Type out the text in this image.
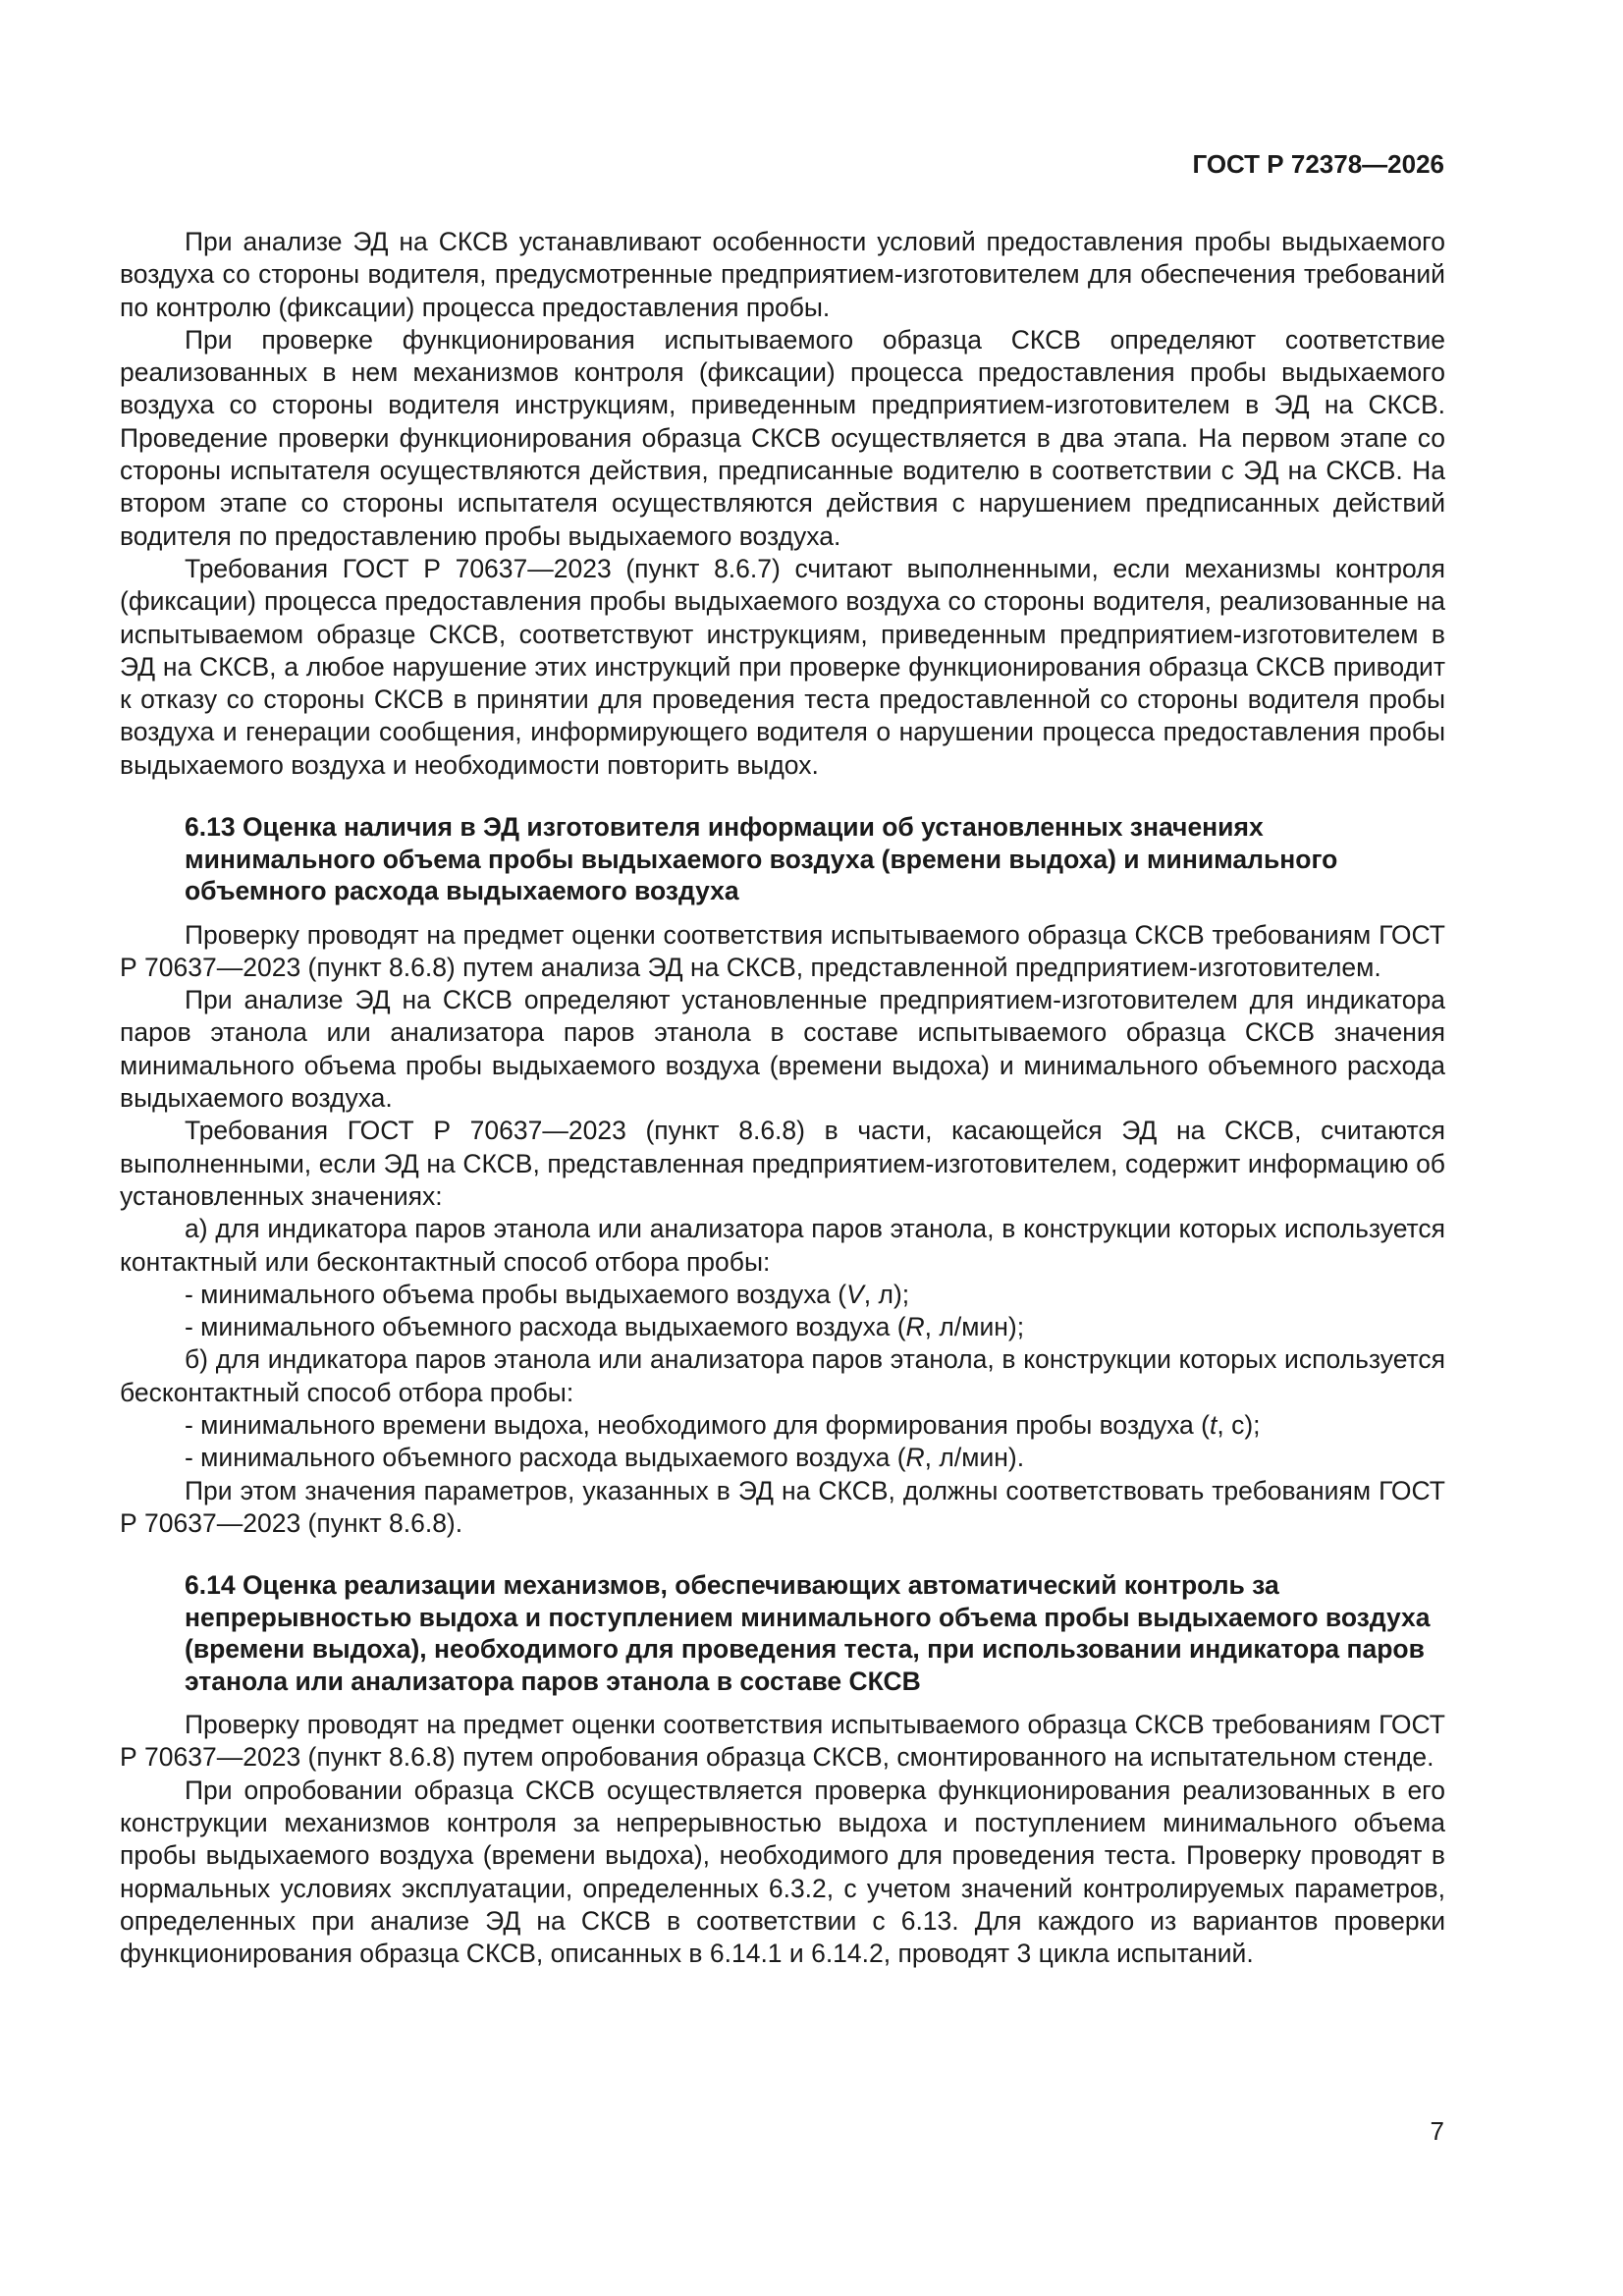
ГОСТ Р 72378—2026

При анализе ЭД на СКСВ устанавливают особенности условий предоставления пробы выдыхаемого воздуха со стороны водителя, предусмотренные предприятием-изготовителем для обеспечения требований по контролю (фиксации) процесса предоставления пробы.

При проверке функционирования испытываемого образца СКСВ определяют соответствие реализованных в нем механизмов контроля (фиксации) процесса предоставления пробы выдыхаемого воздуха со стороны водителя инструкциям, приведенным предприятием-изготовителем в ЭД на СКСВ. Проведение проверки функционирования образца СКСВ осуществляется в два этапа. На первом этапе со стороны испытателя осуществляются действия, предписанные водителю в соответствии с ЭД на СКСВ. На втором этапе со стороны испытателя осуществляются действия с нарушением предписанных действий водителя по предоставлению пробы выдыхаемого воздуха.

Требования ГОСТ Р 70637—2023 (пункт 8.6.7) считают выполненными, если механизмы контроля (фиксации) процесса предоставления пробы выдыхаемого воздуха со стороны водителя, реализованные на испытываемом образце СКСВ, соответствуют инструкциям, приведенным предприятием-изготовителем в ЭД на СКСВ, а любое нарушение этих инструкций при проверке функционирования образца СКСВ приводит к отказу со стороны СКСВ в принятии для проведения теста предоставленной со стороны водителя пробы воздуха и генерации сообщения, информирующего водителя о нарушении процесса предоставления пробы выдыхаемого воздуха и необходимости повторить выдох.

6.13 Оценка наличия в ЭД изготовителя информации об установленных значениях минимального объема пробы выдыхаемого воздуха (времени выдоха) и минимального объемного расхода выдыхаемого воздуха

Проверку проводят на предмет оценки соответствия испытываемого образца СКСВ требованиям ГОСТ Р 70637—2023 (пункт 8.6.8) путем анализа ЭД на СКСВ, представленной предприятием-изготовителем.

При анализе ЭД на СКСВ определяют установленные предприятием-изготовителем для индикатора паров этанола или анализатора паров этанола в составе испытываемого образца СКСВ значения минимального объема пробы выдыхаемого воздуха (времени выдоха) и минимального объемного расхода выдыхаемого воздуха.

Требования ГОСТ Р 70637—2023 (пункт 8.6.8) в части, касающейся ЭД на СКСВ, считаются выполненными, если ЭД на СКСВ, представленная предприятием-изготовителем, содержит информацию об установленных значениях:

а) для индикатора паров этанола или анализатора паров этанола, в конструкции которых используется контактный или бесконтактный способ отбора пробы:

- минимального объема пробы выдыхаемого воздуха (V, л);

- минимального объемного расхода выдыхаемого воздуха (R, л/мин);

б) для индикатора паров этанола или анализатора паров этанола, в конструкции которых используется бесконтактный способ отбора пробы:

- минимального времени выдоха, необходимого для формирования пробы воздуха (t, с);

- минимального объемного расхода выдыхаемого воздуха (R, л/мин).

При этом значения параметров, указанных в ЭД на СКСВ, должны соответствовать требованиям ГОСТ Р 70637—2023 (пункт 8.6.8).

6.14 Оценка реализации механизмов, обеспечивающих автоматический контроль за непрерывностью выдоха и поступлением минимального объема пробы выдыхаемого воздуха (времени выдоха), необходимого для проведения теста, при использовании индикатора паров этанола или анализатора паров этанола в составе СКСВ

Проверку проводят на предмет оценки соответствия испытываемого образца СКСВ требованиям ГОСТ Р 70637—2023 (пункт 8.6.8) путем опробования образца СКСВ, смонтированного на испытательном стенде.

При опробовании образца СКСВ осуществляется проверка функционирования реализованных в его конструкции механизмов контроля за непрерывностью выдоха и поступлением минимального объема пробы выдыхаемого воздуха (времени выдоха), необходимого для проведения теста. Проверку проводят в нормальных условиях эксплуатации, определенных 6.3.2, с учетом значений контролируемых параметров, определенных при анализе ЭД на СКСВ в соответствии с 6.13. Для каждого из вариантов проверки функционирования образца СКСВ, описанных в 6.14.1 и 6.14.2, проводят 3 цикла испытаний.

7
